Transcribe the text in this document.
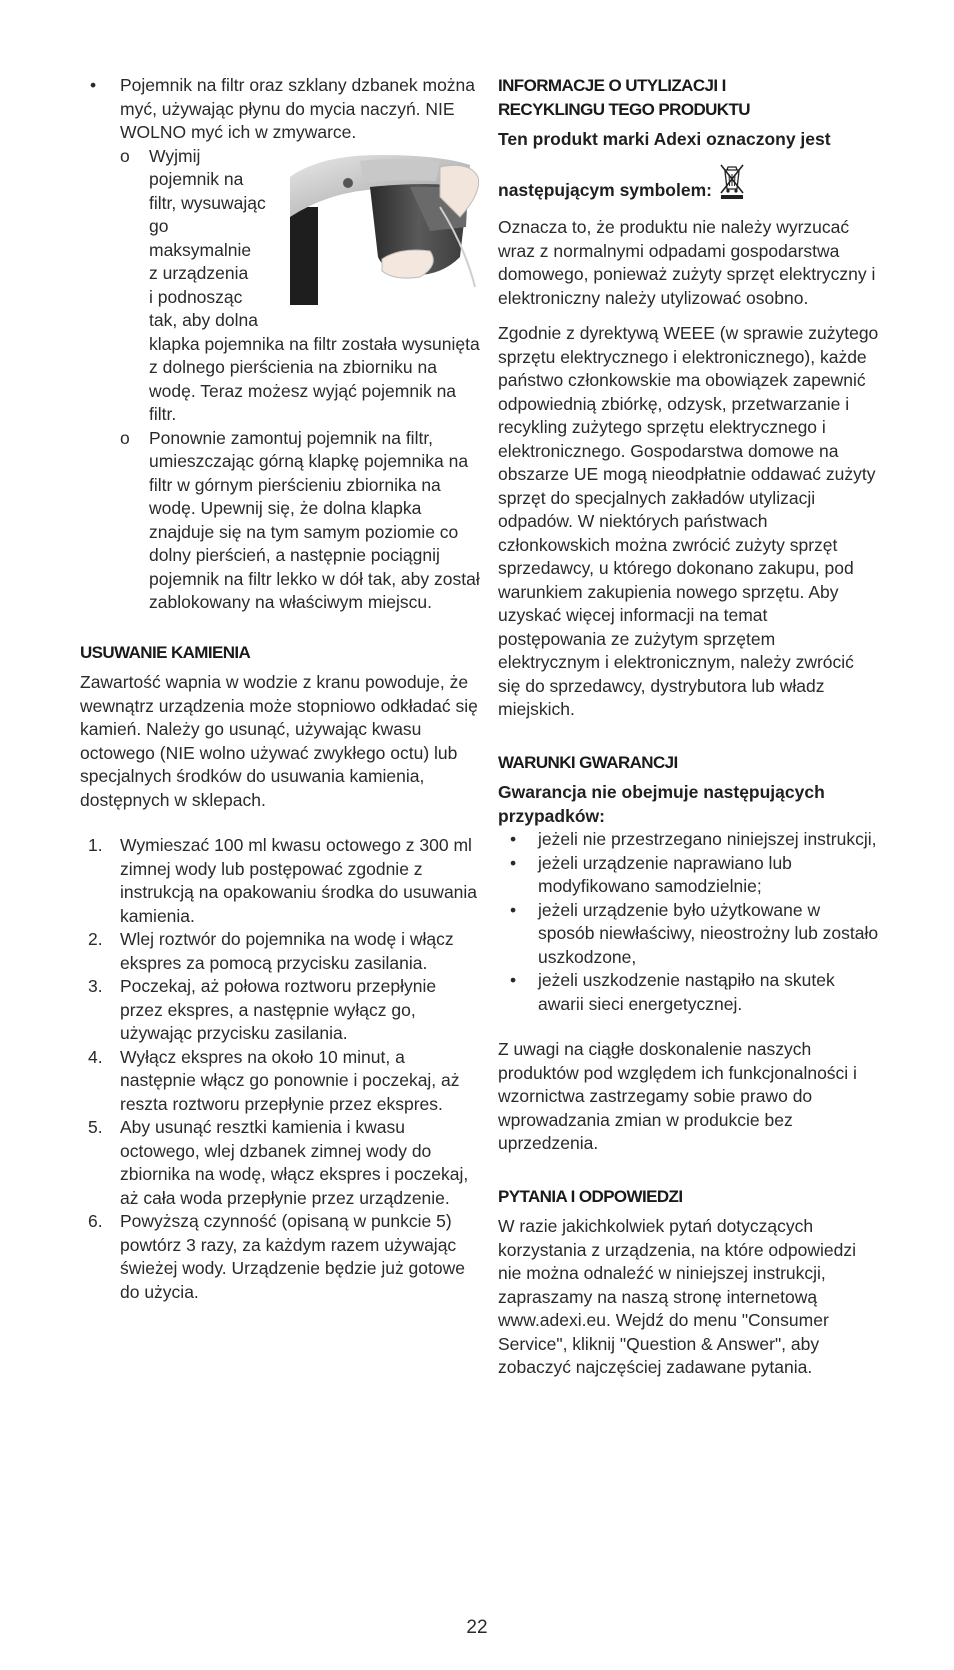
• Pojemnik na filtr oraz szklany dzbanek można myć, używając płynu do mycia naczyń. NIE WOLNO myć ich w zmywarce.

o Wyjmij
pojemnik na
filtr, wysuwając
go
maksymalnie
z urządzenia
i podnosząc
tak, aby dolna

klapka pojemnika na filtr została wysunięta z dolnego pierścienia na zbiorniku na wodę. Teraz możesz wyjąć pojemnik na filtr.

o Ponownie zamontuj pojemnik na filtr, umieszczając górną klapkę pojemnika na filtr w górnym pierścieniu zbiornika na wodę. Upewnij się, że dolna klapka znajduje się na tym samym poziomie co dolny pierścień, a następnie pociągnij pojemnik na filtr lekko w dół tak, aby został zablokowany na właściwym miejscu.

USUWANIE KAMIENIA

Zawartość wapnia w wodzie z kranu powoduje, że wewnątrz urządzenia może stopniowo odkładać się kamień. Należy go usunąć, używając kwasu octowego (NIE wolno używać zwykłego octu) lub specjalnych środków do usuwania kamienia, dostępnych w sklepach.

1. Wymieszać 100 ml kwasu octowego z 300 ml zimnej wody lub postępować zgodnie z instrukcją na opakowaniu środka do usuwania kamienia.
2. Wlej roztwór do pojemnika na wodę i włącz ekspres za pomocą przycisku zasilania.
3. Poczekaj, aż połowa roztworu przepłynie przez ekspres, a następnie wyłącz go, używając przycisku zasilania.
4. Wyłącz ekspres na około 10 minut, a następnie włącz go ponownie i poczekaj, aż reszta roztworu przepłynie przez ekspres.
5. Aby usunąć resztki kamienia i kwasu octowego, wlej dzbanek zimnej wody do zbiornika na wodę, włącz ekspres i poczekaj, aż cała woda przepłynie przez urządzenie.
6. Powyższą czynność (opisaną w punkcie 5) powtórz 3 razy, za każdym razem używając świeżej wody. Urządzenie będzie już gotowe do użycia.

INFORMACJE O UTYLIZACJI I
RECYKLINGU TEGO PRODUKTU

Ten produkt marki Adexi oznaczony jest

następującym symbolem:

Oznacza to, że produktu nie należy wyrzucać wraz z normalnymi odpadami gospodarstwa domowego, ponieważ zużyty sprzęt elektryczny i elektroniczny należy utylizować osobno.

Zgodnie z dyrektywą WEEE (w sprawie zużytego sprzętu elektrycznego i elektronicznego), każde państwo członkowskie ma obowiązek zapewnić odpowiednią zbiórkę, odzysk, przetwarzanie i recykling zużytego sprzętu elektrycznego i elektronicznego. Gospodarstwa domowe na obszarze UE mogą nieodpłatnie oddawać zużyty sprzęt do specjalnych zakładów utylizacji odpadów. W niektórych państwach członkowskich można zwrócić zużyty sprzęt sprzedawcy, u którego dokonano zakupu, pod warunkiem zakupienia nowego sprzętu. Aby uzyskać więcej informacji na temat postępowania ze zużytym sprzętem elektrycznym i elektronicznym, należy zwrócić się do sprzedawcy, dystrybutora lub władz miejskich.

WARUNKI GWARANCJI

Gwarancja nie obejmuje następujących przypadków:

• jeżeli nie przestrzegano niniejszej instrukcji,
• jeżeli urządzenie naprawiano lub modyfikowano samodzielnie;
• jeżeli urządzenie było użytkowane w sposób niewłaściwy, nieostrożny lub zostało uszkodzone,
• jeżeli uszkodzenie nastąpiło na skutek awarii sieci energetycznej.

Z uwagi na ciągłe doskonalenie naszych produktów pod względem ich funkcjonalności i wzornictwa zastrzegamy sobie prawo do wprowadzania zmian w produkcie bez uprzedzenia.

PYTANIA I ODPOWIEDZI

W razie jakichkolwiek pytań dotyczących korzystania z urządzenia, na które odpowiedzi nie można odnaleźć w niniejszej instrukcji, zapraszamy na naszą stronę internetową www.adexi.eu. Wejdź do menu "Consumer Service", kliknij "Question & Answer", aby zobaczyć najczęściej zadawane pytania.

22
